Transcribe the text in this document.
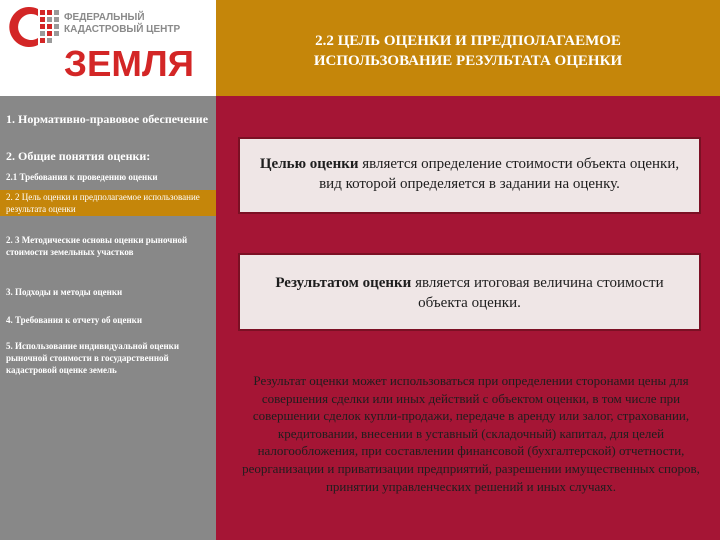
ФЕДЕРАЛЬНЫЙ
КАДАСТРОВЫЙ ЦЕНТР
ЗЕМЛЯ
2.2 ЦЕЛЬ ОЦЕНКИ И ПРЕДПОЛАГАЕМОЕ
ИСПОЛЬЗОВАНИЕ РЕЗУЛЬТАТА ОЦЕНКИ
1. Нормативно-правовое обеспечение
2. Общие понятия оценки:
2.1 Требования к проведению оценки
2. 2 Цель оценки и предполагаемое использование результата оценки
2. 3 Методические основы оценки рыночной стоимости земельных участков
3. Подходы и методы оценки
4. Требования к отчету об оценки
5. Использование индивидуальной оценки рыночной стоимости в государственной кадастровой оценке земель
Целью оценки является определение стоимости объекта оценки, вид которой определяется в задании на оценку.
Результатом оценки является итоговая величина стоимости объекта оценки.
Результат оценки может использоваться при определении сторонами цены для совершения сделки или иных действий с объектом оценки, в том числе при совершении сделок купли-продажи, передаче в аренду или залог, страховании, кредитовании, внесении в уставный (складочный) капитал, для целей налогообложения, при составлении финансовой (бухгалтерской) отчетности, реорганизации и приватизации предприятий, разрешении имущественных споров, принятии управленческих решений и иных случаях.
